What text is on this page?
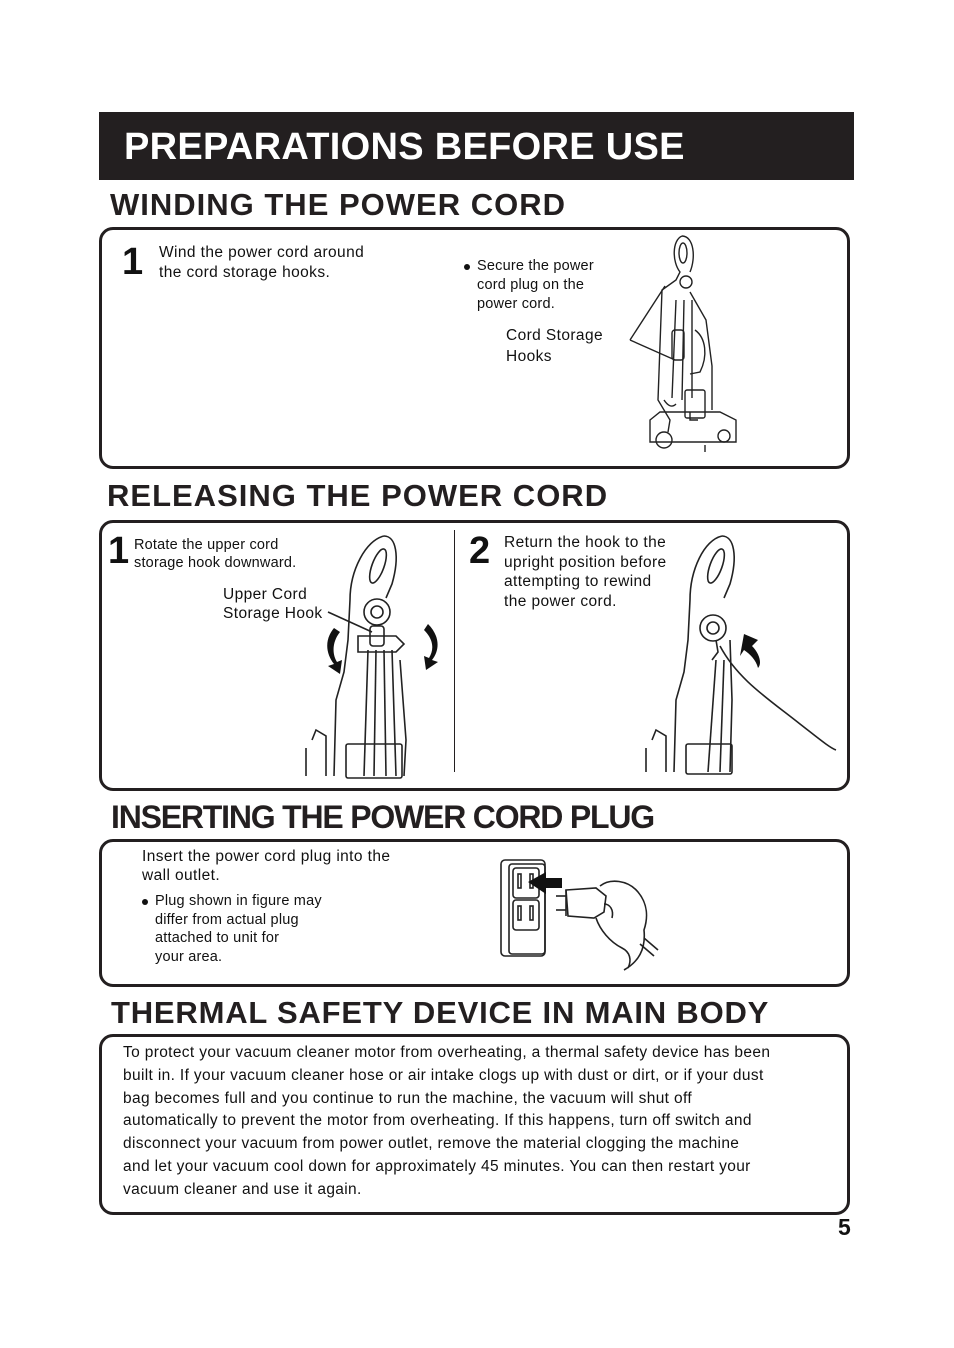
PREPARATIONS BEFORE USE
WINDING THE POWER CORD
1 Wind the power cord around
the cord storage hooks.	Secure the power
cord plug on the
power cord.
Cord Storage
Hooks
RELEASING THE POWER CORD
1 Rotate the upper cord
storage hook downward.
Upper Cord
Storage Hook
2 Return the hook to the
upright position before
attempting to rewind
the power cord.
INSERTING THE POWER CORD PLUG
Insert the power cord plug into the
wall outlet.
Plug shown in figure may
differ from actual plug
attached to unit for
your area.
THERMAL SAFETY DEVICE IN MAIN BODY
To protect your vacuum cleaner motor from overheating, a thermal safety device has been
built in. If your vacuum cleaner hose or air intake clogs up with dust or dirt, or if your dust
bag becomes full and you continue to run the machine, the vacuum will shut off
automatically to prevent the motor from overheating. If this happens, turn off switch and
disconnect your vacuum from power outlet, remove the material clogging the machine
and let your vacuum cool down for approximately 45 minutes. You can then restart your
vacuum cleaner and use it again.
5
